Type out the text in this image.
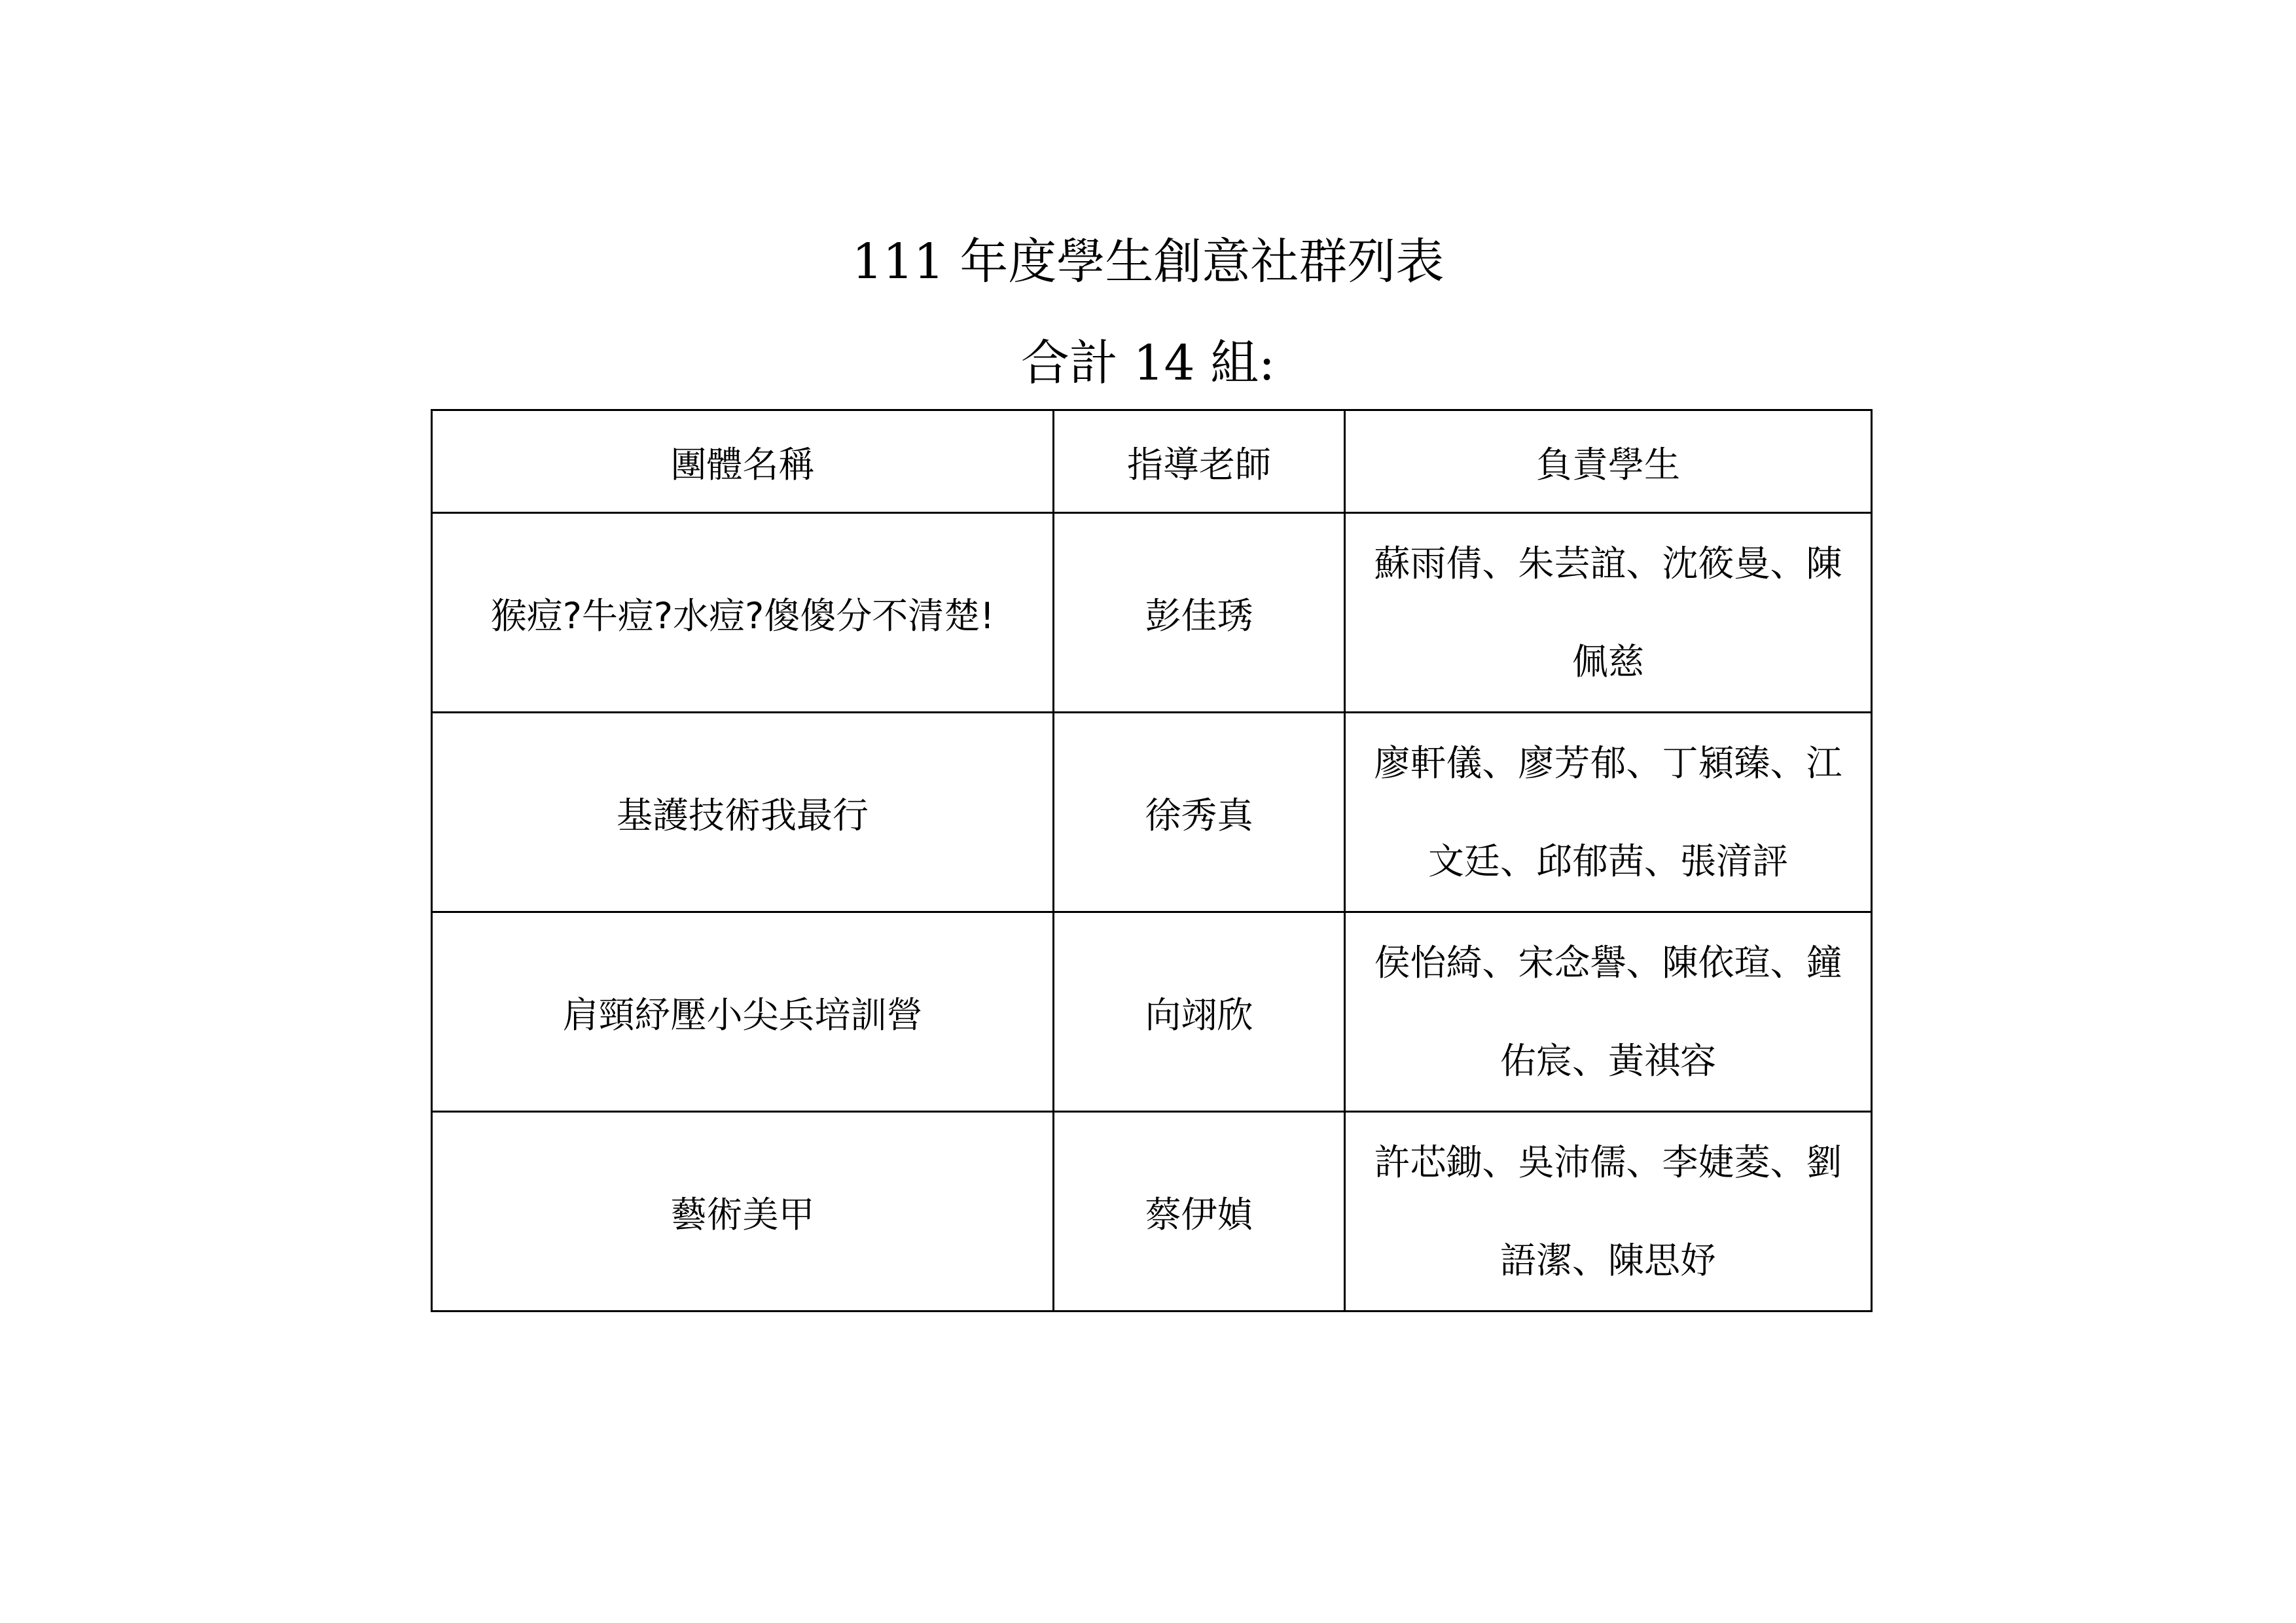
111 年度學生創意社群列表
合計 14 組:
團體名稱	指導老師	負責學生
猴痘?牛痘?水痘?傻傻分不清楚!	彭佳琇	蘇雨倩、朱芸誼、沈筱曼、陳佩慈
基護技術我最行	徐秀真	廖軒儀、廖芳郁、丁潁臻、江文廷、邱郁茜、張湇評
肩頸紓壓小尖兵培訓營	向翊欣	侯怡綺、宋念譽、陳依瑄、鐘佑宸、黃祺容
藝術美甲	蔡伊媜	許芯鋤、吳沛儒、李婕菱、劉語潔、陳思妤
